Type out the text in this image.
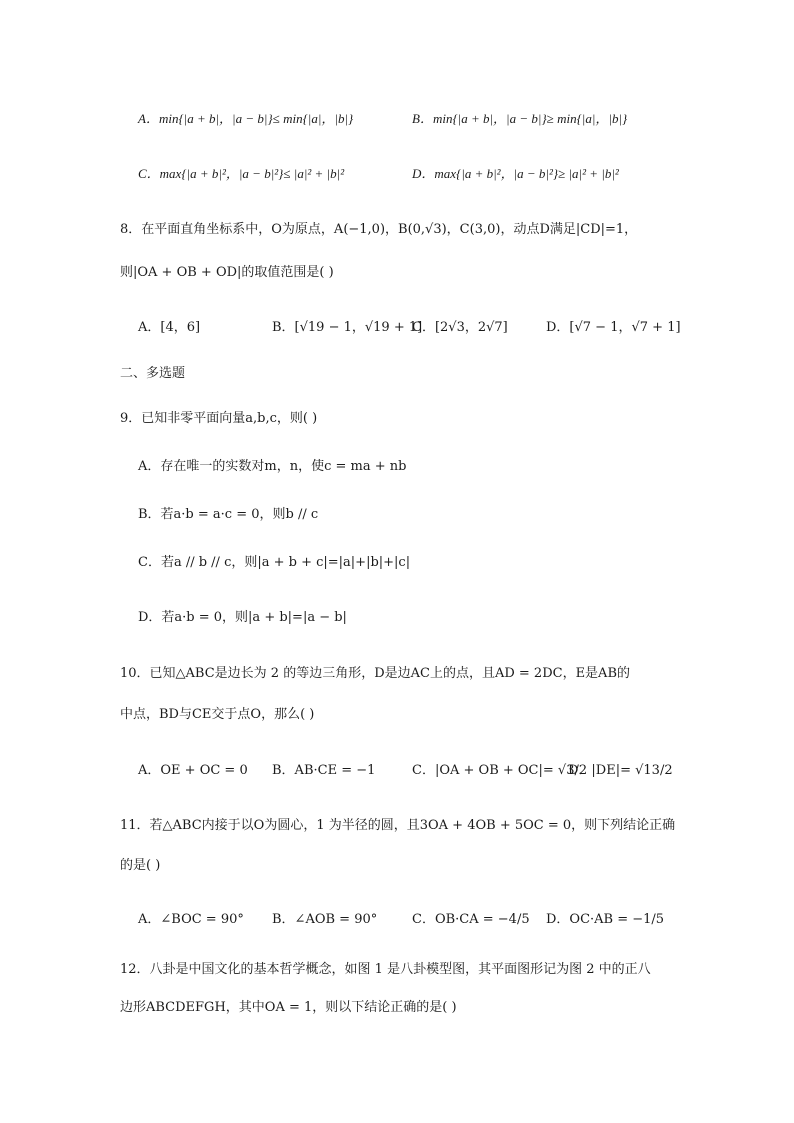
A．min{|a + b|，|a − b|}≤ min{|a|，|b|}	B．min{|a + b|，|a − b|}≥ min{|a|，|b|}
C．max{|a + b|²，|a − b|²}≤ |a|² + |b|²	D．max{|a + b|²，|a − b|²}≥ |a|² + |b|²
8．在平面直角坐标系中，O为原点，A(−1,0)，B(0,√3)，C(3,0)，动点D满足|CD|=1，
则|OA + OB + OD|的取值范围是( )
A．[4，6]	B．[√19 − 1，√19 + 1]
C．[2√3，2√7]	D．[√7 − 1，√7 + 1]
二、多选题
9．已知非零平面向量a,b,c，则( )
A．存在唯一的实数对m，n，使c = ma + nb
B．若a·b = a·c = 0，则b // c
C．若a // b // c，则|a + b + c|=|a|+|b|+|c|
D．若a·b = 0，则|a + b|=|a − b|
10．已知△ABC是边长为 2 的等边三角形，D是边AC上的点，且AD = 2DC，E是AB的
中点，BD与CE交于点O，那么( )
A．OE + OC = 0 B．AB·CE = −1	C．|OA + OB + OC|= √3/2
D．|DE|= √13/2
11．若△ABC内接于以O为圆心，1 为半径的圆，且3OA + 4OB + 5OC = 0，则下列结论正确
的是( )
A．∠BOC = 90° B．∠AOB = 90°	C．OB·CA = −4/5 D．OC·AB = −1/5
12．八卦是中国文化的基本哲学概念，如图 1 是八卦模型图，其平面图形记为图 2 中的正八
边形ABCDEFGH，其中OA = 1，则以下结论正确的是( )
